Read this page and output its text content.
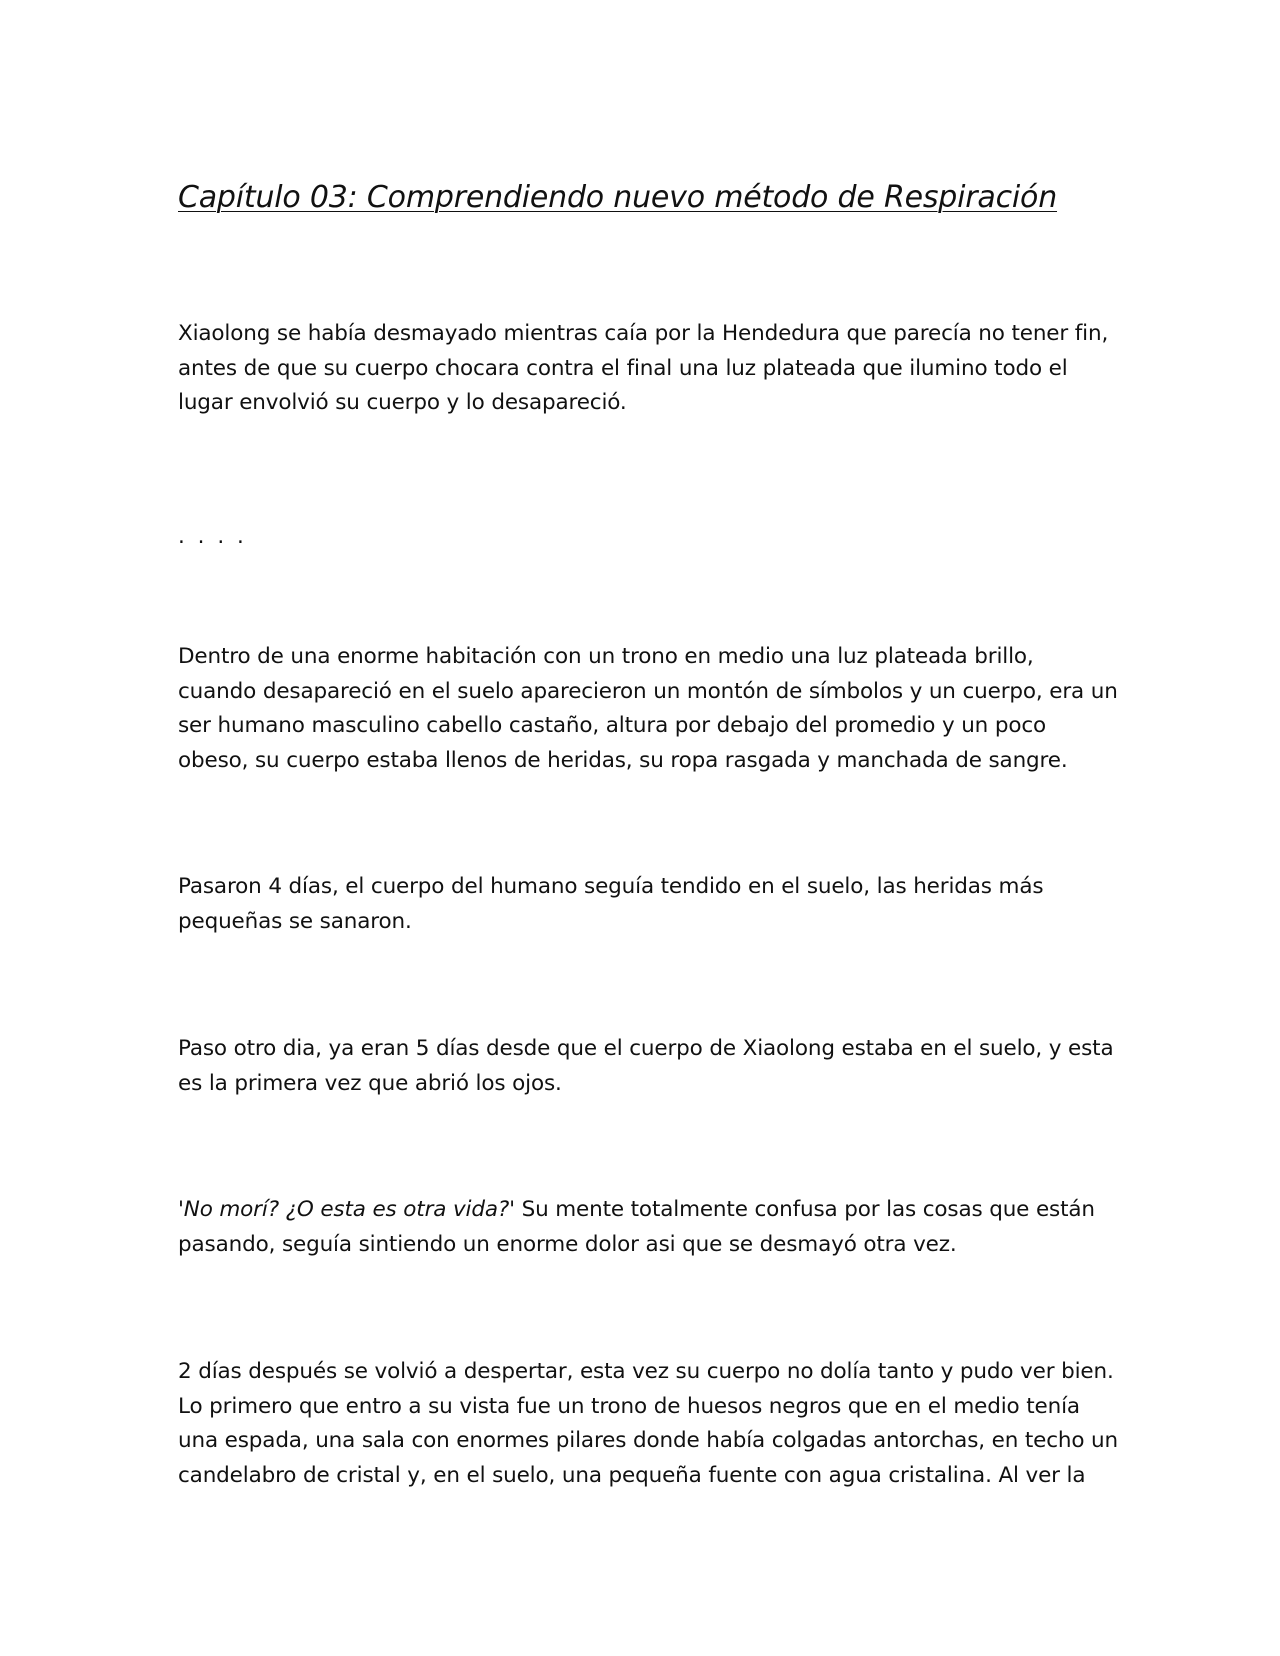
Capítulo 03: Comprendiendo nuevo método de Respiración

Xiaolong se había desmayado mientras caía por la Hendedura que parecía no tener fin, antes de que su cuerpo chocara contra el final una luz plateada que ilumino todo el lugar envolvió su cuerpo y lo desapareció.

. . . .

Dentro de una enorme habitación con un trono en medio una luz plateada brillo, cuando desapareció en el suelo aparecieron un montón de símbolos y un cuerpo, era un ser humano masculino cabello castaño, altura por debajo del promedio y un poco obeso, su cuerpo estaba llenos de heridas, su ropa rasgada y manchada de sangre.

Pasaron 4 días, el cuerpo del humano seguía tendido en el suelo, las heridas más pequeñas se sanaron.

Paso otro dia, ya eran 5 días desde que el cuerpo de Xiaolong estaba en el suelo, y esta es la primera vez que abrió los ojos.

'No morí? ¿O esta es otra vida?' Su mente totalmente confusa por las cosas que están pasando, seguía sintiendo un enorme dolor asi que se desmayó otra vez.

2 días después se volvió a despertar, esta vez su cuerpo no dolía tanto y pudo ver bien. Lo primero que entro a su vista fue un trono de huesos negros que en el medio tenía una espada, una sala con enormes pilares donde había colgadas antorchas, en techo un candelabro de cristal y, en el suelo, una pequeña fuente con agua cristalina. Al ver la
